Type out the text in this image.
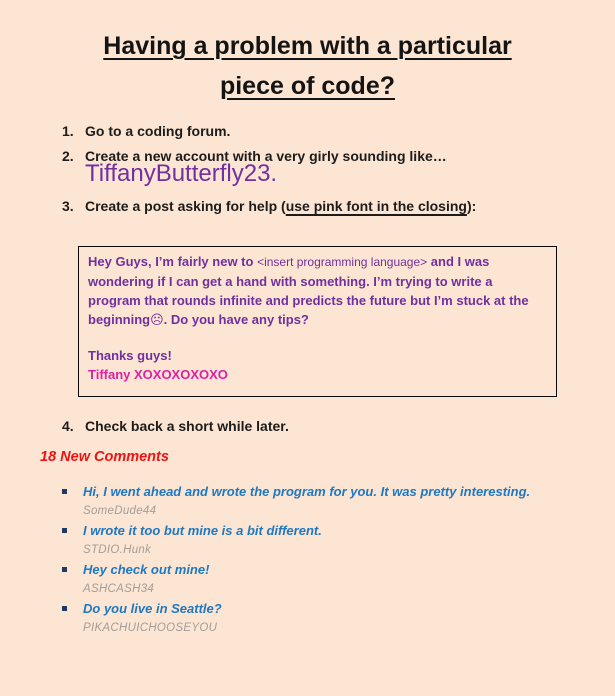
Having a problem with a particular
piece of code?
1. Go to a coding forum.
2. Create a new account with a very girly sounding like…
TiffanyButterfly23.
3. Create a post asking for help (use pink font in the closing):

Hey Guys, I’m fairly new to <insert programming language> and I was wondering if I can get a hand with something. I’m trying to write a program that rounds infinite and predicts the future but I’m stuck at the beginning☹. Do you have any tips?

Thanks guys!
Tiffany XOXOXOXOXO

4. Check back a short while later.
18 New Comments
Hi, I went ahead and wrote the program for you. It was pretty interesting.
SomeDude44
I wrote it too but mine is a bit different.
STDIO.Hunk
Hey check out mine!
ASHCASH34
Do you live in Seattle?
PIKACHUICHOOSEYOU
